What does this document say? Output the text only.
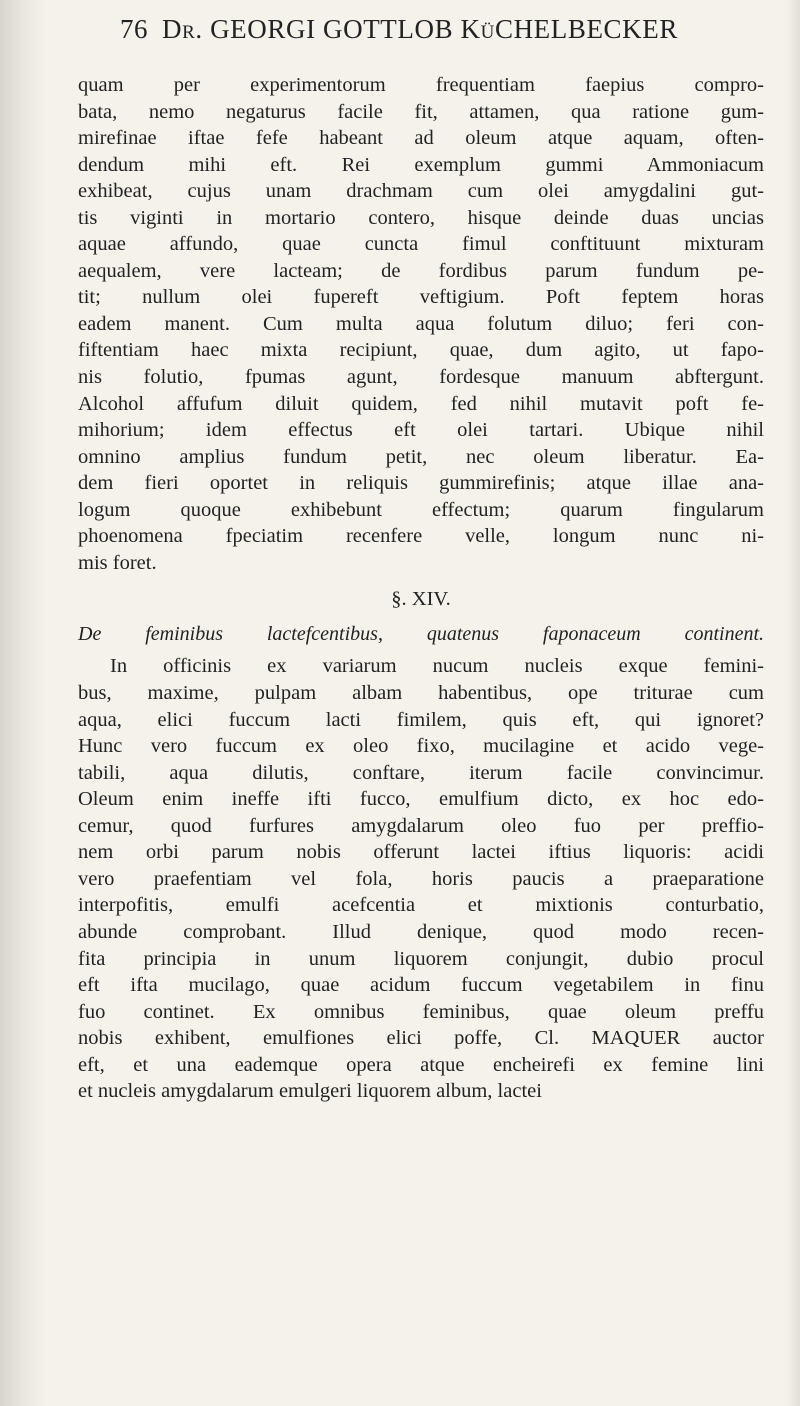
76 Dr. GEORGI GOTTLOB KüCHELBECKER
quam per experimentorum frequentiam faepius compro-
bata, nemo negaturus facile fit, attamen, qua ratione gum-
mirefinae iftae fefe habeant ad oleum atque aquam, often-
dendum mihi eft. Rei exemplum gummi Ammoniacum
exhibeat, cujus unam drachmam cum olei amygdalini gut-
tis viginti in mortario contero, hisque deinde duas uncias
aquae affundo, quae cuncta fimul conftituunt mixturam
aequalem, vere lacteam; de fordibus parum fundum pe-
tit; nullum olei fupereft veftigium. Poft feptem horas
eadem manent. Cum multa aqua folutum diluo; feri con-
fiftentiam haec mixta recipiunt, quae, dum agito, ut fapo-
nis folutio, fpumas agunt, fordesque manuum abftergunt.
Alcohol affufum diluit quidem, fed nihil mutavit poft fe-
mihorium; idem effectus eft olei tartari. Ubique nihil
omnino amplius fundum petit, nec oleum liberatur. Ea-
dem fieri oportet in reliquis gummirefinis; atque illae ana-
logum quoque exhibebunt effectum; quarum fingularum
phoenomena fpeciatim recenfere velle, longum nunc ni-
mis foret.
§. XIV.
De feminibus lactefcentibus, quatenus faponaceum continent.
In officinis ex variarum nucum nucleis exque femini-
bus, maxime, pulpam albam habentibus, ope triturae cum
aqua, elici fuccum lacti fimilem, quis eft, qui ignoret?
Hunc vero fuccum ex oleo fixo, mucilagine et acido vege-
tabili, aqua dilutis, conftare, iterum facile convincimur.
Oleum enim ineffe ifti fucco, emulfium dicto, ex hoc edo-
cemur, quod furfures amygdalarum oleo fuo per preffio-
nem orbi parum nobis offerunt lactei iftius liquoris: acidi
vero praefentiam vel fola, horis paucis a praeparatione
interpofitis, emulfi acefcentia et mixtionis conturbatio,
abunde comprobant. Illud denique, quod modo recen-
fita principia in unum liquorem conjungit, dubio procul
eft ifta mucilago, quae acidum fuccum vegetabilem in finu
fuo continet. Ex omnibus feminibus, quae oleum preffu
nobis exhibent, emulfiones elici poffe, Cl. MAQUER auctor
eft, et una eademque opera atque encheirefi ex femine lini
et nucleis amygdalarum emulgeri liquorem album, lactei
